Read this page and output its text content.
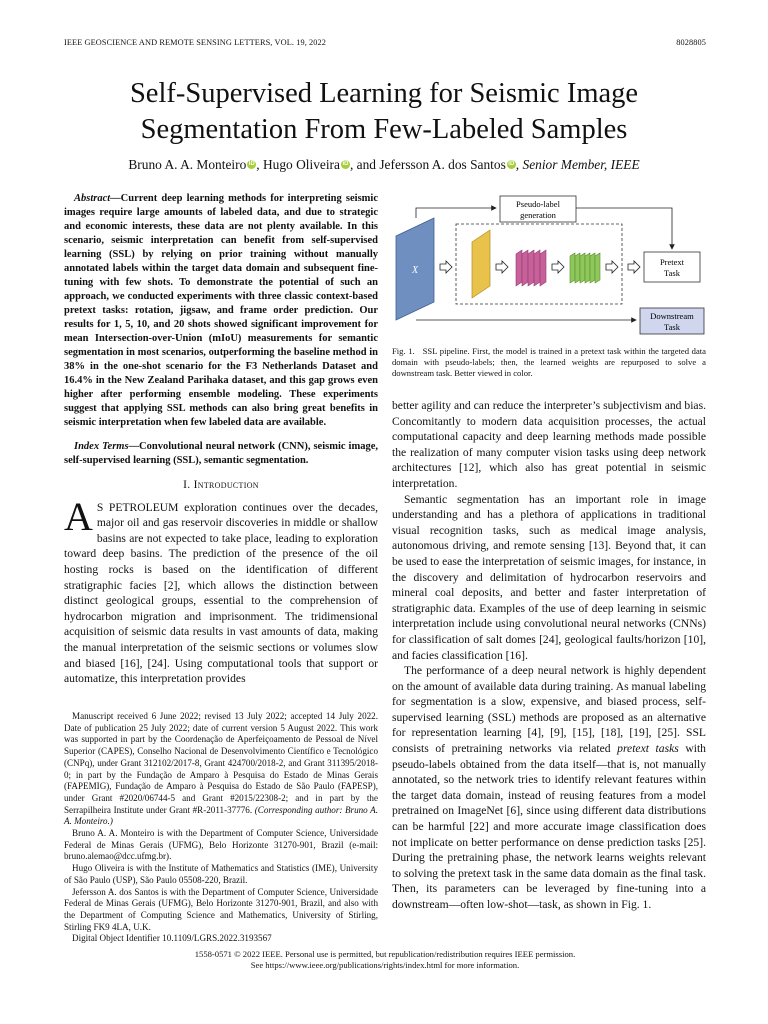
IEEE GEOSCIENCE AND REMOTE SENSING LETTERS, VOL. 19, 2022	8028805
Self-Supervised Learning for Seismic Image
Segmentation From Few-Labeled Samples
Bruno A. A. Monteiro iD , Hugo Oliveira iD , and Jefersson A. dos Santos iD , Senior Member, IEEE

Abstract—Current deep learning methods for interpreting seismic images require large amounts of labeled data, and due to strategic and economic interests, these data are not plenty available. In this scenario, seismic interpretation can benefit from self-supervised learning (SSL) by relying on prior training without manually annotated labels within the target data domain and subsequent fine-tuning with few shots. To demonstrate the potential of such an approach, we conducted experiments with three classic context-based pretext tasks: rotation, jigsaw, and frame order prediction. Our results for 1, 5, 10, and 20 shots showed significant improvement for mean Intersection-over-Union (mIoU) measurements for semantic segmentation in most scenarios, outperforming the baseline method in 38% in the one-shot scenario for the F3 Netherlands Dataset and 16.4% in the New Zealand Parihaka dataset, and this gap grows even higher after performing ensemble modeling. These experiments suggest that applying SSL methods can also bring great benefits in seismic interpretation when few labeled data are available.

Index Terms—Convolutional neural network (CNN), seismic image, self-supervised learning (SSL), semantic segmentation.

I. Introduction

A S PETROLEUM exploration continues over the decades, major oil and gas reservoir discoveries in middle or shallow basins are not expected to take place, leading to exploration toward deep basins. The prediction of the presence of the oil hosting rocks is based on the identification of different stratigraphic facies [2], which allows the distinction between distinct geological groups, essential to the comprehension of hydrocarbon migration and imprisonment. The tridimensional acquisition of seismic data results in vast amounts of data, making the manual interpretation of the seismic sections or volumes slow and biased [16], [24]. Using computational tools that support or automatize, this interpretation provides

Manuscript received 6 June 2022; revised 13 July 2022; accepted 14 July 2022. Date of publication 25 July 2022; date of current version 5 August 2022. This work was supported in part by the Coordenação de Aperfeiçoamento de Pessoal de Nível Superior (CAPES), Conselho Nacional de Desenvolvimento Científico e Tecnológico (CNPq), under Grant 312102/2017-8, Grant 424700/2018-2, and Grant 311395/2018-0; in part by the Fundação de Amparo à Pesquisa do Estado de Minas Gerais (FAPEMIG), Fundação de Amparo à Pesquisa do Estado de São Paulo (FAPESP), under Grant #2020/06744-5 and Grant #2015/22308-2; and in part by the Serrapilheira Institute under Grant #R-2011-37776. (Corresponding author: Bruno A. A. Monteiro.)

Bruno A. A. Monteiro is with the Department of Computer Science, Universidade Federal de Minas Gerais (UFMG), Belo Horizonte 31270-901, Brazil (e-mail: bruno.alemao@dcc.ufmg.br).

Hugo Oliveira is with the Institute of Mathematics and Statistics (IME), University of São Paulo (USP), São Paulo 05508-220, Brazil.

Jefersson A. dos Santos is with the Department of Computer Science, Universidade Federal de Minas Gerais (UFMG), Belo Horizonte 31270-901, Brazil, and also with the Department of Computing Science and Mathematics, University of Stirling, Stirling FK9 4LA, U.K.

Digital Object Identifier 10.1109/LGRS.2022.3193567

X
Pseudo-label
generation
Pretext
Task
Downstream
Task
Fig. 1. SSL pipeline. First, the model is trained in a pretext task within the targeted data domain with pseudo-labels; then, the learned weights are repurposed to solve a downstream task. Better viewed in color.

better agility and can reduce the interpreter’s subjectivism and bias. Concomitantly to modern data acquisition processes, the actual computational capacity and deep learning methods made possible the realization of many computer vision tasks using deep network architectures [12], which also has great potential in seismic interpretation.

Semantic segmentation has an important role in image understanding and has a plethora of applications in traditional visual recognition tasks, such as medical image analysis, autonomous driving, and remote sensing [13]. Beyond that, it can be used to ease the interpretation of seismic images, for instance, in the discovery and delimitation of hydrocarbon reservoirs and mineral coal deposits, and better and faster interpretation of stratigraphic data. Examples of the use of deep learning in seismic interpretation include using convolutional neural networks (CNNs) for classification of salt domes [24], geological faults/horizon [10], and facies classification [16].

The performance of a deep neural network is highly dependent on the amount of available data during training. As manual labeling for segmentation is a slow, expensive, and biased process, self-supervised learning (SSL) methods are proposed as an alternative for representation learning [4], [9], [15], [18], [19], [25]. SSL consists of pretraining networks via related pretext tasks with pseudo-labels obtained from the data itself—that is, not manually annotated, so the network tries to identify relevant features within the target data domain, instead of reusing features from a model pretrained on ImageNet [6], since using different data distributions can be harmful [22] and more accurate image classification does not implicate on better performance on dense prediction tasks [25]. During the pretraining phase, the network learns weights relevant to solving the pretext task in the same data domain as the final task. Then, its parameters can be leveraged by fine-tuning into a downstream—often low-shot—task, as shown in Fig. 1.

1558-0571 © 2022 IEEE. Personal use is permitted, but republication/redistribution requires IEEE permission.
See https://www.ieee.org/publications/rights/index.html for more information.
